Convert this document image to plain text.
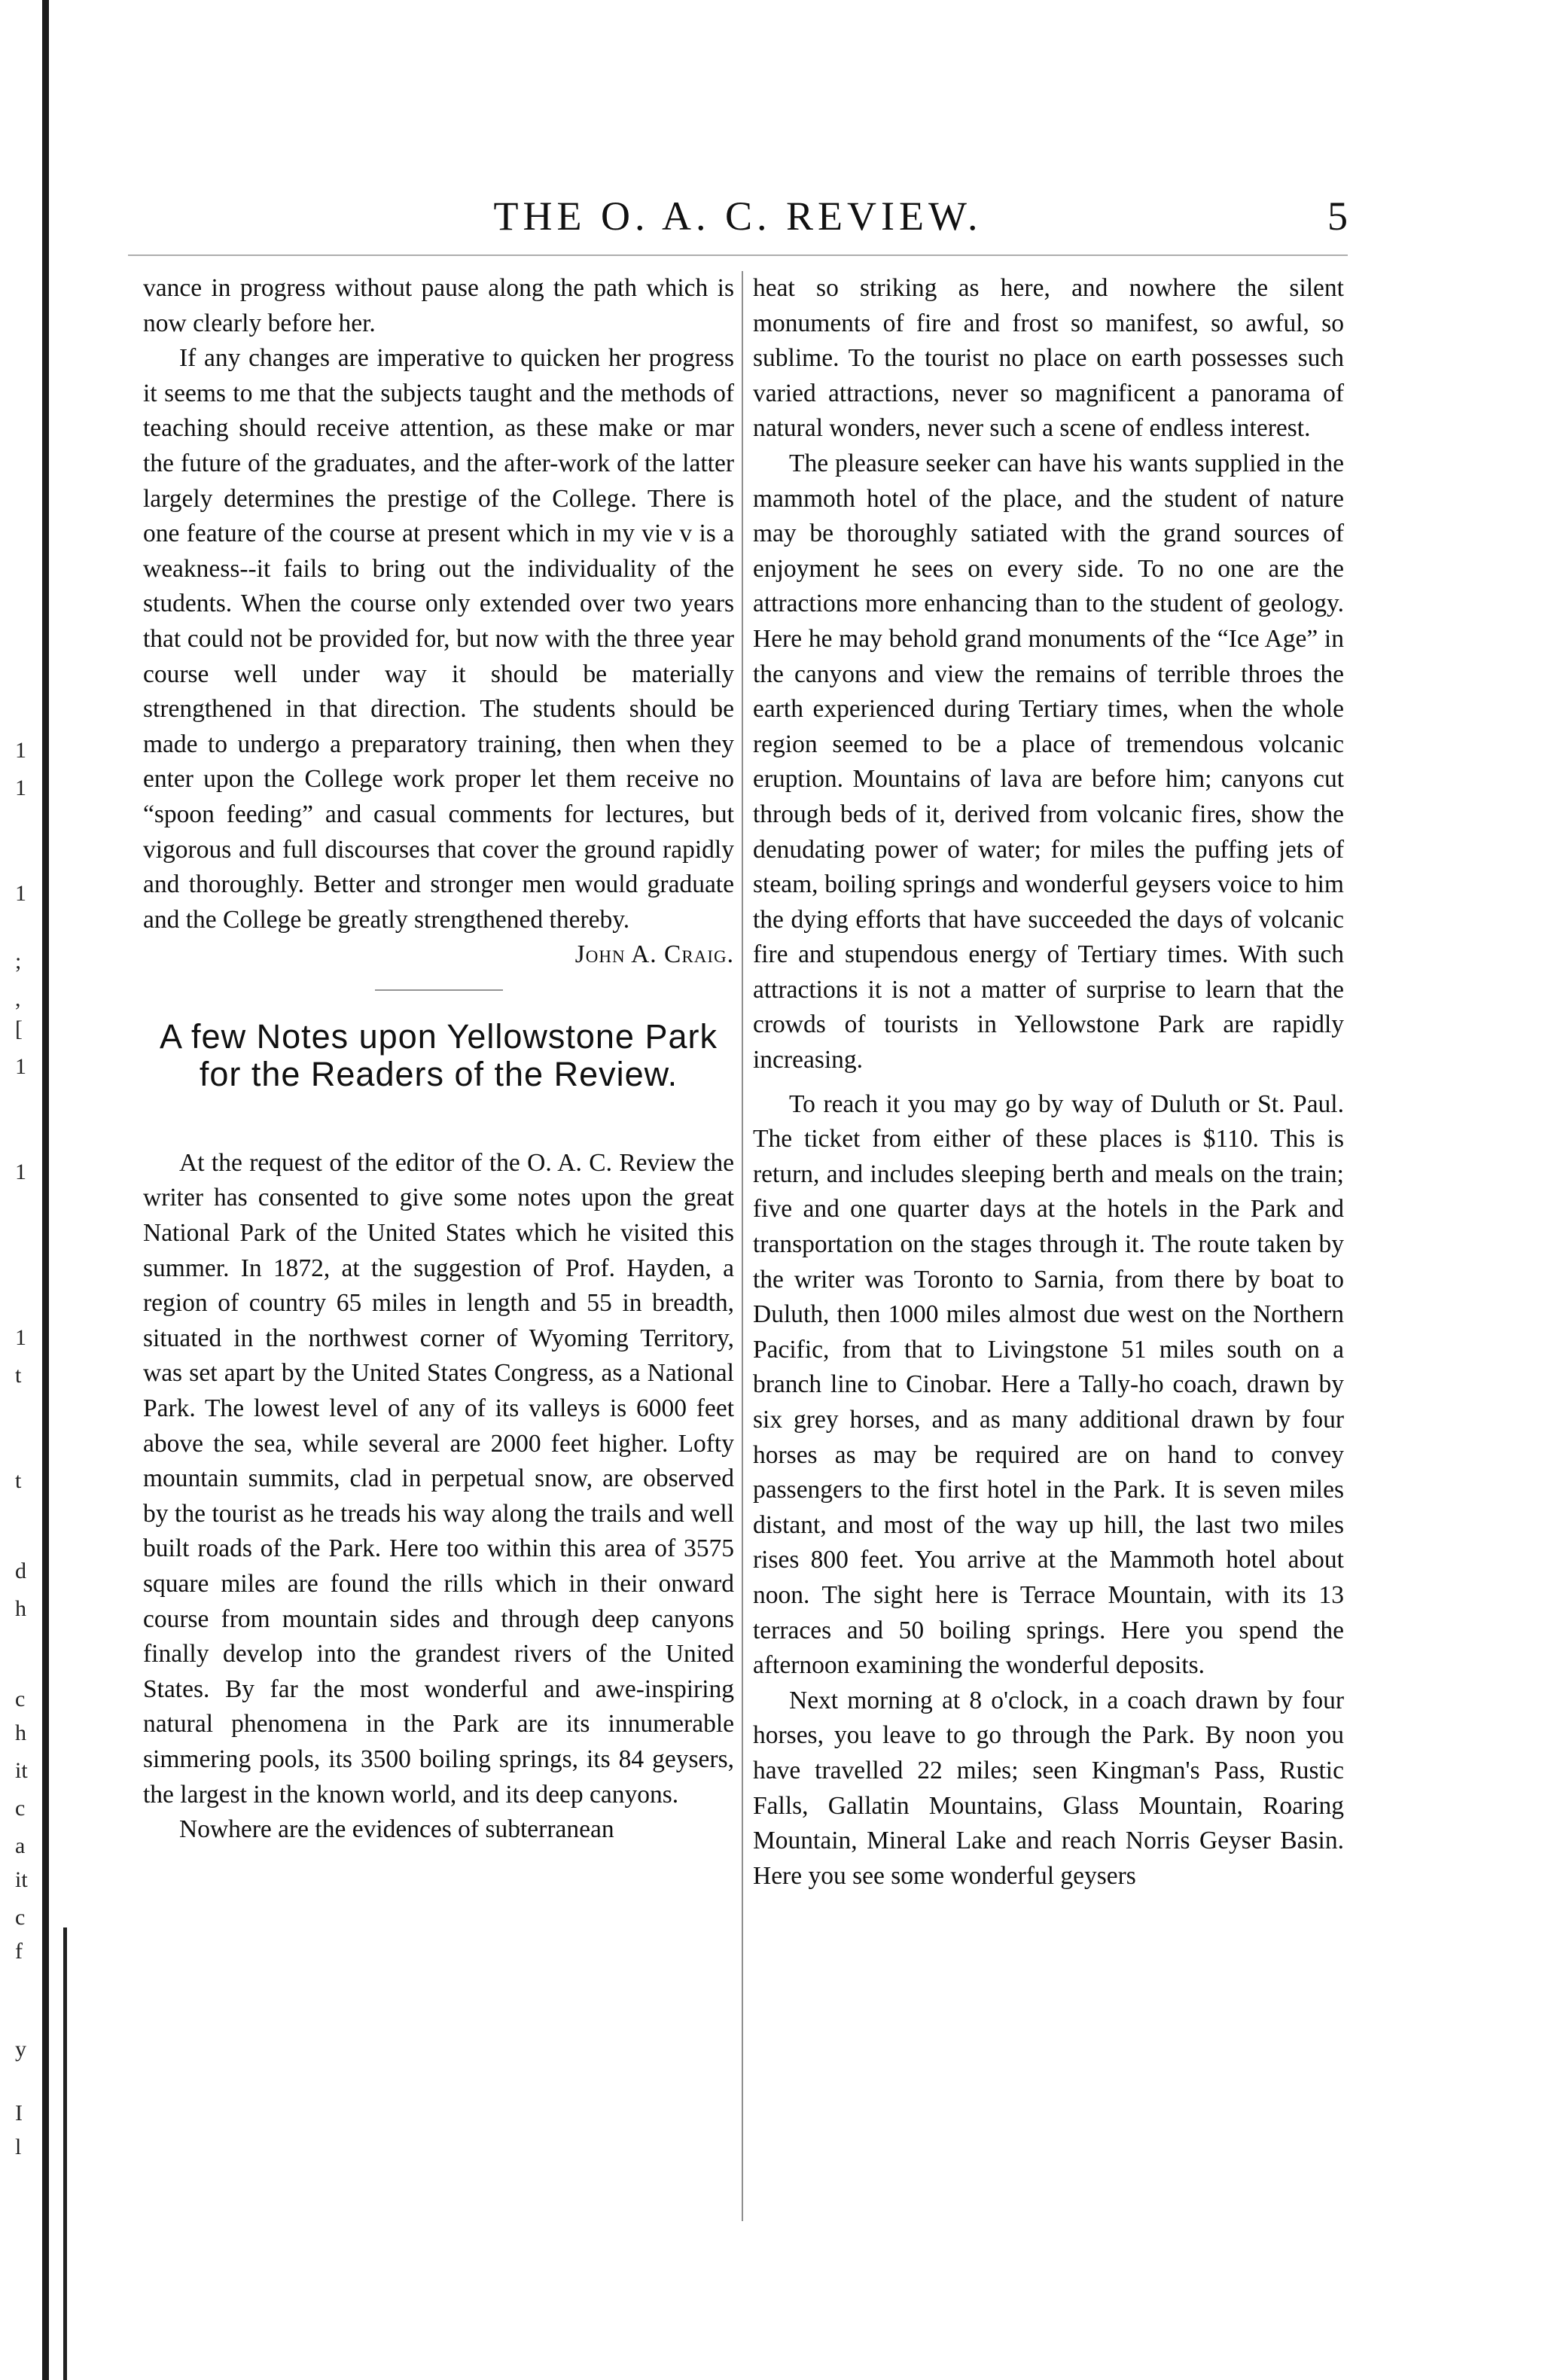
1
1
1
;
,
[
1
1
1
t
t
d
h
c
h
it
c
a
it
c
f
y
I
l
THE O. A. C. REVIEW.	5

vance in progress without pause along the path which is now clearly before her.

If any changes are imperative to quicken her progress it seems to me that the subjects taught and the methods of teaching should receive attention, as these make or mar the future of the graduates, and the after-work of the latter largely determines the prestige of the College. There is one feature of the course at present which in my vie v is a weakness--it fails to bring out the individuality of the students. When the course only extended over two years that could not be provided for, but now with the three year course well under way it should be materially strengthened in that direction. The students should be made to undergo a preparatory training, then when they enter upon the College work proper let them receive no “spoon feeding” and casual comments for lectures, but vigorous and full discourses that cover the ground rapidly and thoroughly. Better and stronger men would graduate and the College be greatly strengthened thereby.

John A. Craig.

A few Notes upon Yellowstone Park for the Readers of the Review.

At the request of the editor of the O. A. C. Review the writer has consented to give some notes upon the great National Park of the United States which he visited this summer. In 1872, at the suggestion of Prof. Hayden, a region of country 65 miles in length and 55 in breadth, situated in the northwest corner of Wyoming Territory, was set apart by the United States Congress, as a National Park. The lowest level of any of its valleys is 6000 feet above the sea, while several are 2000 feet higher. Lofty mountain summits, clad in perpetual snow, are observed by the tourist as he treads his way along the trails and well built roads of the Park. Here too within this area of 3575 square miles are found the rills which in their onward course from mountain sides and through deep canyons finally develop into the grandest rivers of the United States. By far the most wonderful and awe-inspiring natural phenomena in the Park are its innumerable simmering pools, its 3500 boiling springs, its 84 geysers, the largest in the known world, and its deep canyons.

Nowhere are the evidences of subterranean

heat so striking as here, and nowhere the silent monuments of fire and frost so manifest, so awful, so sublime. To the tourist no place on earth possesses such varied attractions, never so magnificent a panorama of natural wonders, never such a scene of endless interest.

The pleasure seeker can have his wants supplied in the mammoth hotel of the place, and the student of nature may be thoroughly satiated with the grand sources of enjoyment he sees on every side. To no one are the attractions more enhancing than to the student of geology. Here he may behold grand monuments of the “Ice Age” in the canyons and view the remains of terrible throes the earth experienced during Tertiary times, when the whole region seemed to be a place of tremendous volcanic eruption. Mountains of lava are before him; canyons cut through beds of it, derived from volcanic fires, show the denudating power of water; for miles the puffing jets of steam, boiling springs and wonderful geysers voice to him the dying efforts that have succeeded the days of volcanic fire and stupendous energy of Tertiary times. With such attractions it is not a matter of surprise to learn that the crowds of tourists in Yellowstone Park are rapidly increasing.

To reach it you may go by way of Duluth or St. Paul. The ticket from either of these places is $110. This is return, and includes sleeping berth and meals on the train; five and one quarter days at the hotels in the Park and transportation on the stages through it. The route taken by the writer was Toronto to Sarnia, from there by boat to Duluth, then 1000 miles almost due west on the Northern Pacific, from that to Livingstone 51 miles south on a branch line to Cinobar. Here a Tally-ho coach, drawn by six grey horses, and as many additional drawn by four horses as may be required are on hand to convey passengers to the first hotel in the Park. It is seven miles distant, and most of the way up hill, the last two miles rises 800 feet. You arrive at the Mammoth hotel about noon. The sight here is Terrace Mountain, with its 13 terraces and 50 boiling springs. Here you spend the afternoon examining the wonderful deposits.

Next morning at 8 o'clock, in a coach drawn by four horses, you leave to go through the Park. By noon you have travelled 22 miles; seen Kingman's Pass, Rustic Falls, Gallatin Mountains, Glass Mountain, Roaring Mountain, Mineral Lake and reach Norris Geyser Basin. Here you see some wonderful geysers
